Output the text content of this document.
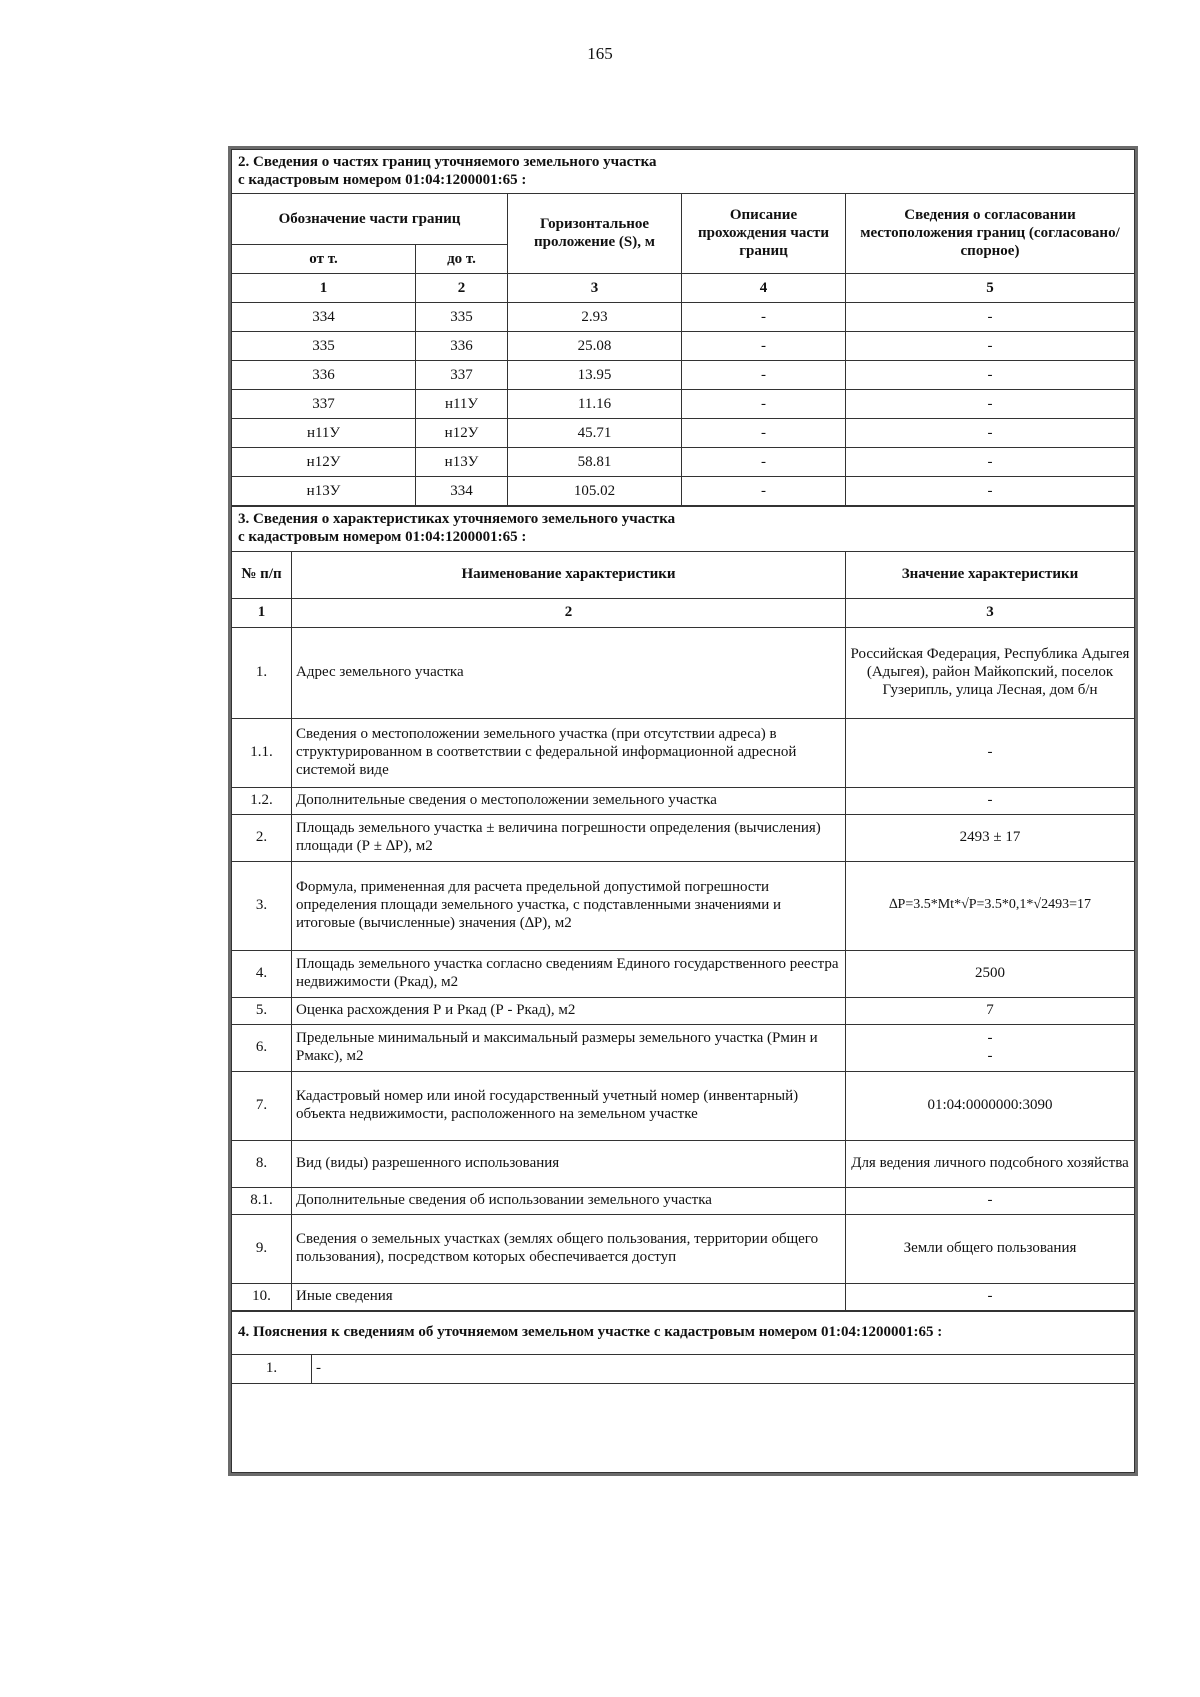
165
2. Сведения о частях границ уточняемого земельного участка
с кадастровым номером 01:04:1200001:65 :				

Обозначение части границ		Горизонтальное проложение (S), м	Описание прохождения части границ	Сведения о согласовании местоположения границ (согласовано/спорное)
от т.	до т.			
1	2	3	4	5
334	335	2.93	-	-
335	336	25.08	-	-
336	337	13.95	-	-
337	н11У	11.16	-	-
н11У	н12У	45.71	-	-
н12У	н13У	58.81	-	-
н13У	334	105.02	-	-
3. Сведения о характеристиках уточняемого земельного участка
с кадастровым номером 01:04:1200001:65 :		

№ п/п	Наименование характеристики	Значение характеристики
1	2	3
1.	Адрес земельного участка	Российская Федерация, Республика Адыгея (Адыгея), район Майкопский, поселок Гузерипль, улица Лесная, дом б/н
1.1.	Сведения о местоположении земельного участка (при отсутствии адреса) в структурированном в соответствии с федеральной информационной адресной системой виде	-
1.2.	Дополнительные сведения о местоположении земельного участка	-
2.	Площадь земельного участка ± величина погрешности определения (вычисления) площади (Р ± ∆Р), м2	2493 ± 17
3.	Формула, примененная для расчета предельной допустимой погрешности определения площади земельного участка, с подставленными значениями и итоговые (вычисленные) значения (∆Р), м2	∆Р=3.5*Mt*√Р=3.5*0,1*√2493=17
4.	Площадь земельного участка согласно сведениям Единого государственного реестра недвижимости (Ркад), м2	2500
5.	Оценка расхождения Р и Ркад (Р - Ркад), м2	7
6.	Предельные минимальный и максимальный размеры земельного участка (Рмин и Рмакс), м2	-
-

7.	Кадастровый номер или иной государственный учетный номер (инвентарный) объекта недвижимости, расположенного на земельном участке	01:04:0000000:3090
8.	Вид (виды) разрешенного использования	Для ведения личного подсобного хозяйства
8.1.	Дополнительные сведения об использовании земельного участка	-
9.	Сведения о земельных участках (землях общего пользования, территории общего пользования), посредством которых обеспечивается доступ	Земли общего пользования
10.	Иные сведения	-
4. Пояснения к сведениям об уточняемом земельном участке с кадастровым номером 01:04:1200001:65 :
1.	-
